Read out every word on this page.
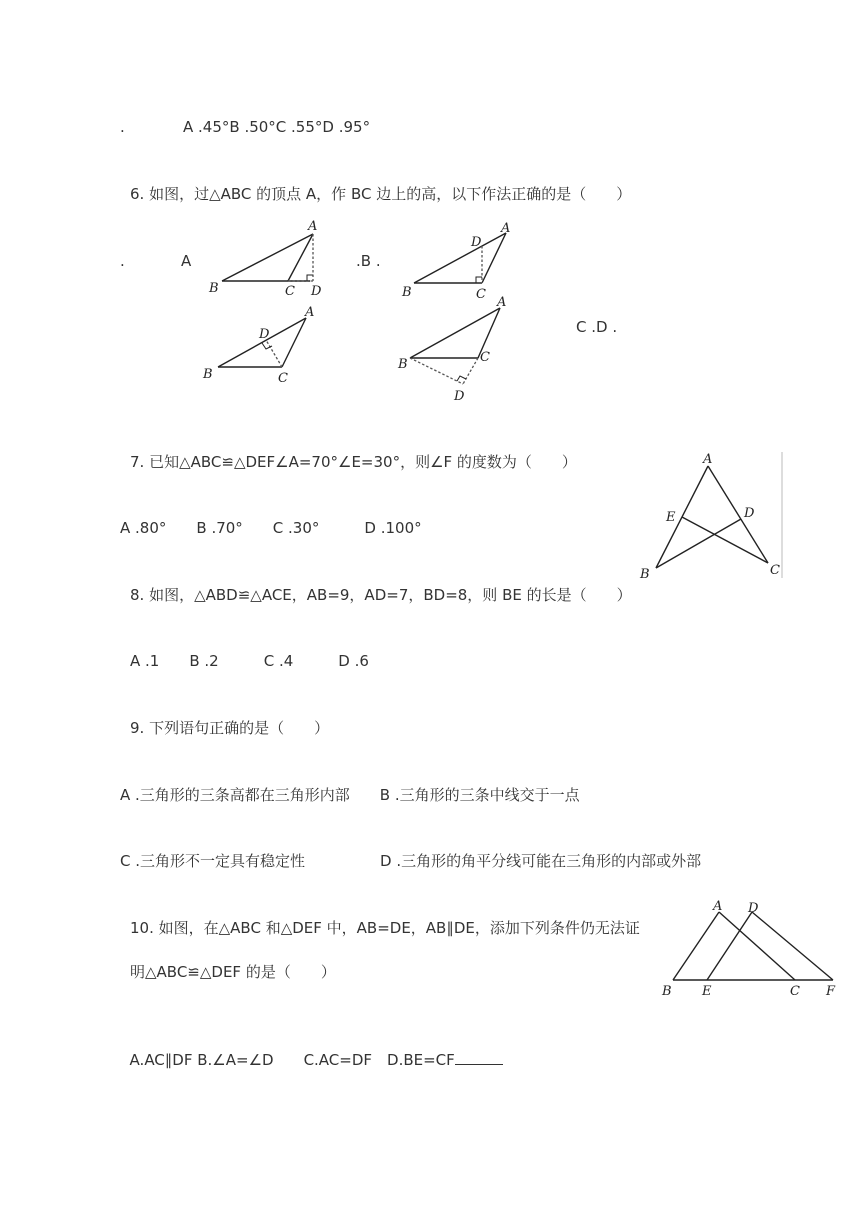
.	A .45°B .50°C .55°D .95°
6. 如图，过△ABC 的顶点 A，作 BC 边上的高，以下作法正确的是（　　）
.	A	.B .
C .D .
A
B	C D
A
D
B	C
A
D
B	C
A
B	C
D
7. 已知△ABC≌△DEF∠A=70°∠E=30°，则∠F 的度数为（　　）
A .80°　　B .70°　　C .30°　　　D .100°
A
E	D
B	C
8. 如图，△ABD≌△ACE，AB=9，AD=7，BD=8，则 BE 的长是（　　）
A .1　　B .2　　　C .4　　　D .6
9. 下列语句正确的是（　　）
A .三角形的三条高都在三角形内部　　B .三角形的三条中线交于一点
C .三角形不一定具有稳定性　　　　　D .三角形的角平分线可能在三角形的内部或外部
10. 如图，在△ABC 和△DEF 中，AB=DE，AB∥DE，添加下列条件仍无法证
明△ABC≌△DEF 的是（　　）

A.AC∥DF B.∠A=∠D　　C.AC=DF　D.BE=CF

A D
B E	C F
